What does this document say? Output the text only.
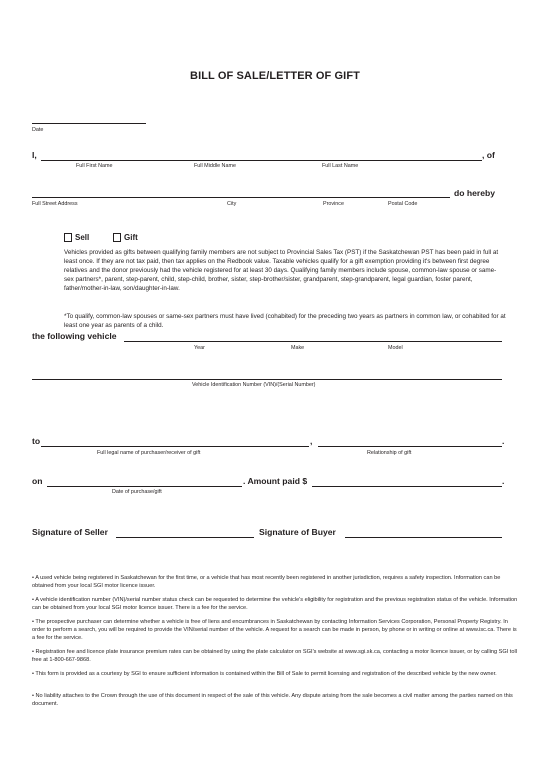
BILL OF SALE/LETTER OF GIFT
Date
I,	, of
Full First Name	Full Middle Name	Full Last Name
do hereby
Full Street Address	City	Province	Postal Code
Sell	Gift
Vehicles provided as gifts between qualifying family members are not subject to Provincial Sales Tax (PST) if the Saskatchewan PST has been paid in full at least once. If they are not tax paid, then tax applies on the Redbook value. Taxable vehicles qualify for a gift exemption providing it's between first degree relatives and the donor previously had the vehicle registered for at least 30 days. Qualifying family members include spouse, common-law spouse or same-sex partners*, parent, step-parent, child, step-child, brother, sister, step-brother/sister, grandparent, step-grandparent, legal guardian, foster parent, father/mother-in-law, son/daughter-in-law.
*To qualify, common-law spouses or same-sex partners must have lived (cohabited) for the preceding two years as partners in common law, or cohabited for at least one year as parents of a child.
the following vehicle
Year	Make	Model
Vehicle Identification Number (VIN)/(Serial Number)
to	,	.
Full legal name of purchaser/receiver of gift	Relationship of gift
on	. Amount paid $	.
Date of purchase/gift
Signature of Seller	Signature of Buyer
• A used vehicle being registered in Saskatchewan for the first time, or a vehicle that has most recently been registered in another jurisdiction, requires a safety inspection. Information can be obtained from your local SGI motor licence issuer.
• A vehicle identification number (VIN)/serial number status check can be requested to determine the vehicle's eligibility for registration and the previous registration status of the vehicle. Information can be obtained from your local SGI motor licence issuer. There is a fee for the service.
• The prospective purchaser can determine whether a vehicle is free of liens and encumbrances in Saskatchewan by contacting Information Services Corporation, Personal Property Registry. In order to perform a search, you will be required to provide the VIN/serial number of the vehicle. A request for a search can be made in person, by phone or in writing or online at www.isc.ca. There is a fee for the service.
• Registration fee and licence plate insurance premium rates can be obtained by using the plate calculator on SGI's website at www.sgi.sk.ca, contacting a motor licence issuer, or by calling SGI toll free at 1-800-667-9868.
• This form is provided as a courtesy by SGI to ensure sufficient information is contained within the Bill of Sale to permit licensing and registration of the described vehicle by the new owner.
• No liability attaches to the Crown through the use of this document in respect of the sale of this vehicle. Any dispute arising from the sale becomes a civil matter among the parties named on this document.
